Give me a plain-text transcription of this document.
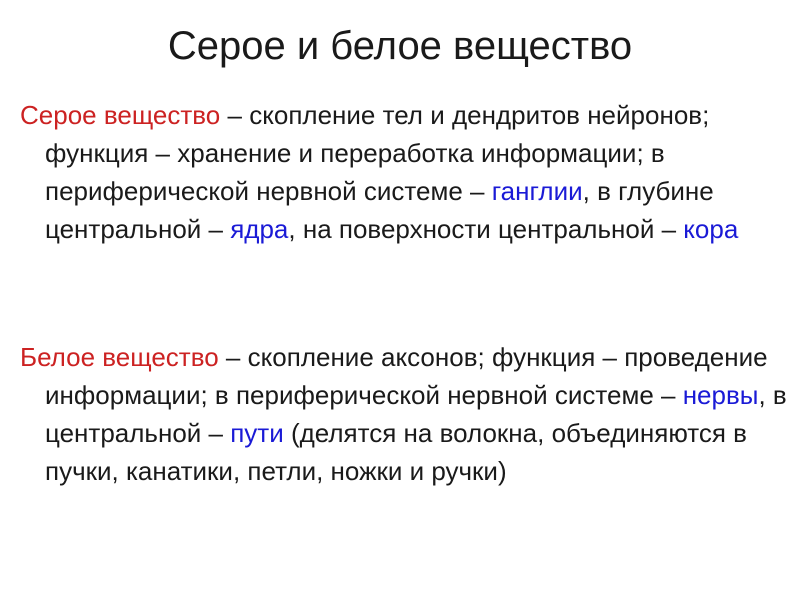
Серое и белое вещество

Серое вещество – скопление тел и дендритов нейронов; функция – хранение и переработка информации; в периферической нервной системе – ганглии, в глубине центральной – ядра, на поверхности центральной – кора

Белое вещество – скопление аксонов; функция – проведение информации; в периферической нервной системе – нервы, в центральной – пути (делятся на волокна, объединяются в пучки, канатики, петли, ножки и ручки)
